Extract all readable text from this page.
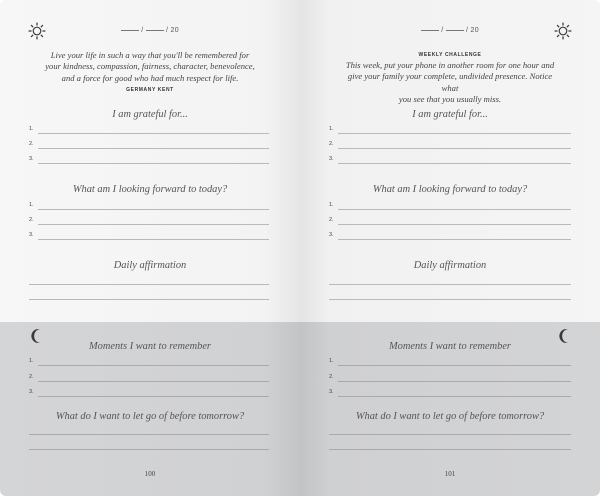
/	/ 20
Live your life in such a way that you'll be remembered for
your kindness, compassion, fairness, character, benevolence,
and a force for good who had much respect for life.
GERMANY KENT
I am grateful for...
1.
2.
3.
What am I looking forward to today?
1.
2.
3.
Daily affirmation
Moments I want to remember
1.
2.
3.
What do I want to let go of before tomorrow?
100
/	/ 20
WEEKLY CHALLENGE
This week, put your phone in another room for one hour and
give your family your complete, undivided presence. Notice what
you see that you usually miss.
I am grateful for...
1.
2.
3.
What am I looking forward to today?
1.
2.
3.
Daily affirmation
Moments I want to remember
1.
2.
3.
What do I want to let go of before tomorrow?
101
